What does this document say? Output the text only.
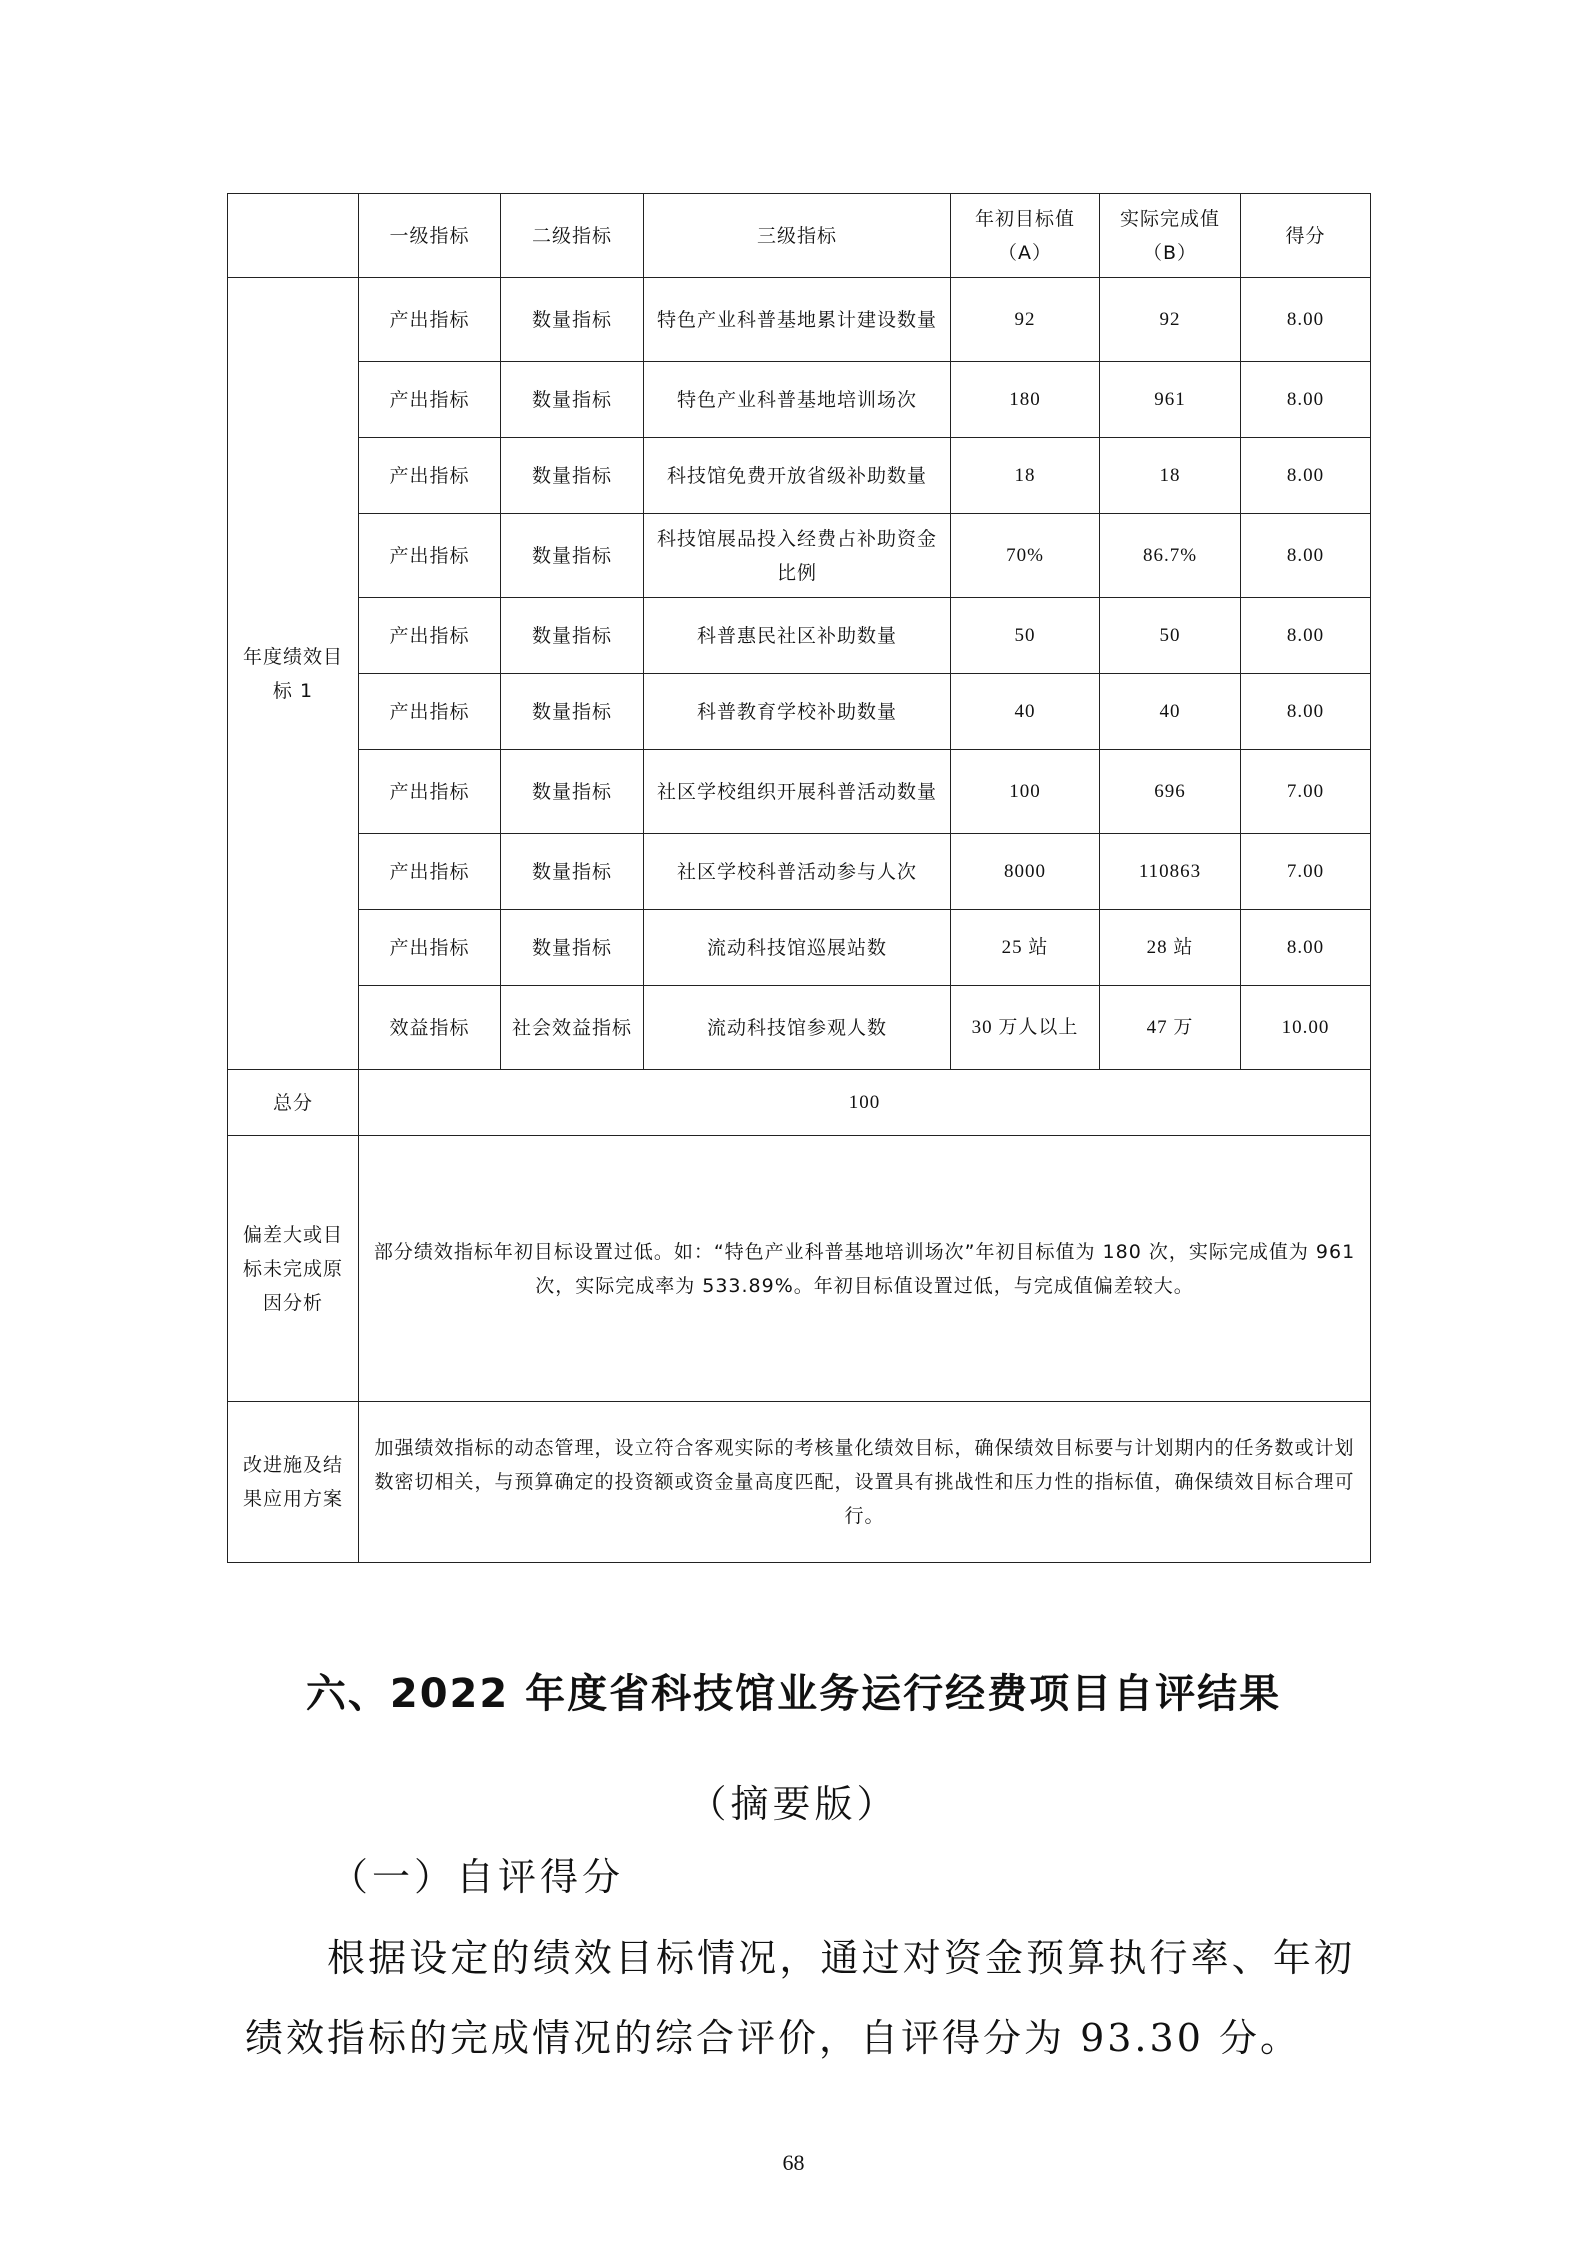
	一级指标	二级指标	三级指标	年初目标值（A）	实际完成值（B）	得分
年度绩效目标 1	产出指标	数量指标	特色产业科普基地累计建设数量	92	92	8.00
	产出指标	数量指标	特色产业科普基地培训场次	180	961	8.00
	产出指标	数量指标	科技馆免费开放省级补助数量	18	18	8.00
	产出指标	数量指标	科技馆展品投入经费占补助资金比例	70%	86.7%	8.00
	产出指标	数量指标	科普惠民社区补助数量	50	50	8.00
	产出指标	数量指标	科普教育学校补助数量	40	40	8.00
	产出指标	数量指标	社区学校组织开展科普活动数量	100	696	7.00
	产出指标	数量指标	社区学校科普活动参与人次	8000	110863	7.00
	产出指标	数量指标	流动科技馆巡展站数	25 站	28 站	8.00
	效益指标	社会效益指标	流动科技馆参观人数	30 万人以上	47 万	10.00
总分	100					
偏差大或目标未完成原因分析	部分绩效指标年初目标设置过低。如：“特色产业科普基地培训场次”年初目标值为 180 次，实际完成值为 961 次，实际完成率为 533.89%。年初目标值设置过低，与完成值偏差较大。					
改进施及结果应用方案	加强绩效指标的动态管理，设立符合客观实际的考核量化绩效目标，确保绩效目标要与计划期内的任务数或计划数密切相关，与预算确定的投资额或资金量高度匹配，设置具有挑战性和压力性的指标值，确保绩效目标合理可行。					
六、2022 年度省科技馆业务运行经费项目自评结果
（摘要版）
（一）自评得分
根据设定的绩效目标情况，通过对资金预算执行率、年初绩效指标的完成情况的综合评价，自评得分为 93.30 分。
68
